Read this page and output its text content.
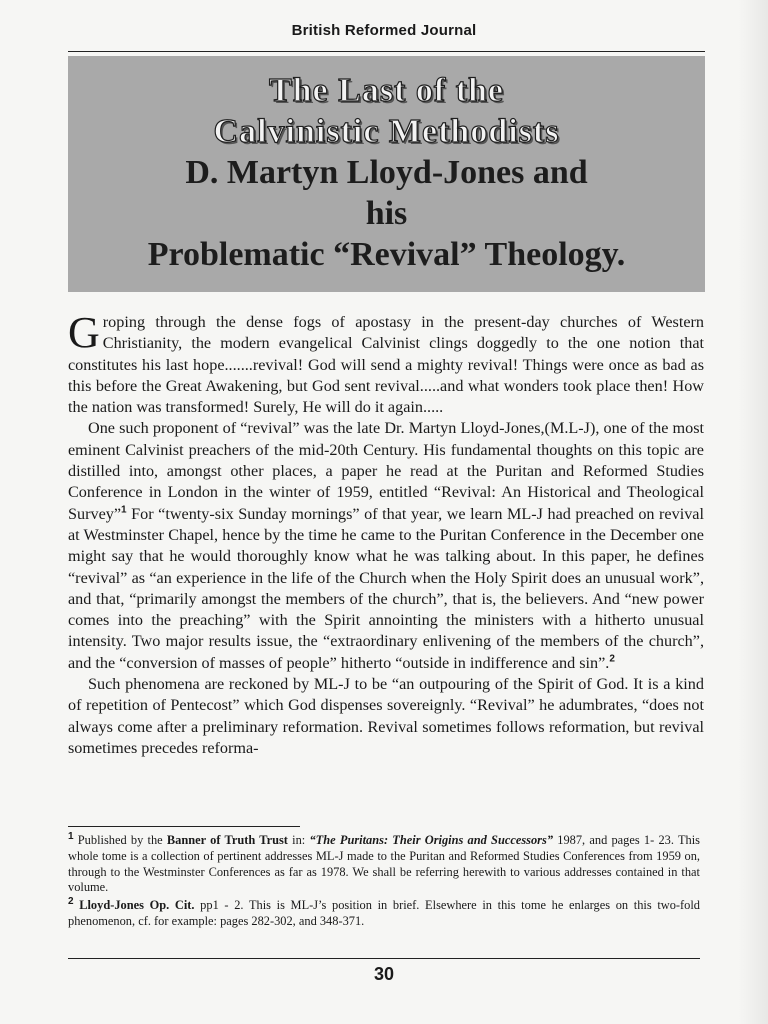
British Reformed Journal
The Last of the
Calvinistic Methodists
D. Martyn Lloyd-Jones and
his
Problematic “Revival” Theology.

Groping through the dense fogs of apostasy in the present-day churches of Western Christianity, the modern evangelical Calvinist clings doggedly to the one notion that constitutes his last hope.......revival! God will send a mighty revival! Things were once as bad as this before the Great Awakening, but God sent revival.....and what wonders took place then! How the nation was transformed! Surely, He will do it again.....

One such proponent of “revival” was the late Dr. Martyn Lloyd-Jones,(M.L-J), one of the most eminent Calvinist preachers of the mid-20th Century. His fundamental thoughts on this topic are distilled into, amongst other places, a paper he read at the Puritan and Reformed Studies Conference in London in the winter of 1959, entitled “Revival: An Historical and Theological Survey”$^1$ For “twenty-six Sunday mornings” of that year, we learn ML-J had preached on revival at Westminster Chapel, hence by the time he came to the Puritan Conference in the December one might say that he would thoroughly know what he was talking about. In this paper, he defines “revival” as “an experience in the life of the Church when the Holy Spirit does an unusual work”, and that, “primarily amongst the members of the church”, that is, the believers. And “new power comes into the preaching” with the Spirit annointing the ministers with a hitherto unusual intensity. Two major results issue, the “extraordinary enlivening of the members of the church”, and the “conversion of masses of people” hitherto “outside in indifference and sin”.$^2$

Such phenomena are reckoned by ML-J to be “an outpouring of the Spirit of God. It is a kind of repetition of Pentecost” which God dispenses sovereignly. “Revival” he adumbrates, “does not always come after a preliminary reformation. Revival sometimes follows reformation, but revival sometimes precedes reforma-

$^1$ Published by the Banner of Truth Trust in: “The Puritans: Their Origins and Successors” 1987, and pages 1- 23. This whole tome is a collection of pertinent addresses ML-J made to the Puritan and Reformed Studies Conferences from 1959 on, through to the Westminster Conferences as far as 1978. We shall be referring herewith to various addresses contained in that volume.

$^2$ Lloyd-Jones Op. Cit. pp1 - 2. This is ML-J’s position in brief. Elsewhere in this tome he enlarges on this two-fold phenomenon, cf. for example: pages 282-302, and 348-371.

30
